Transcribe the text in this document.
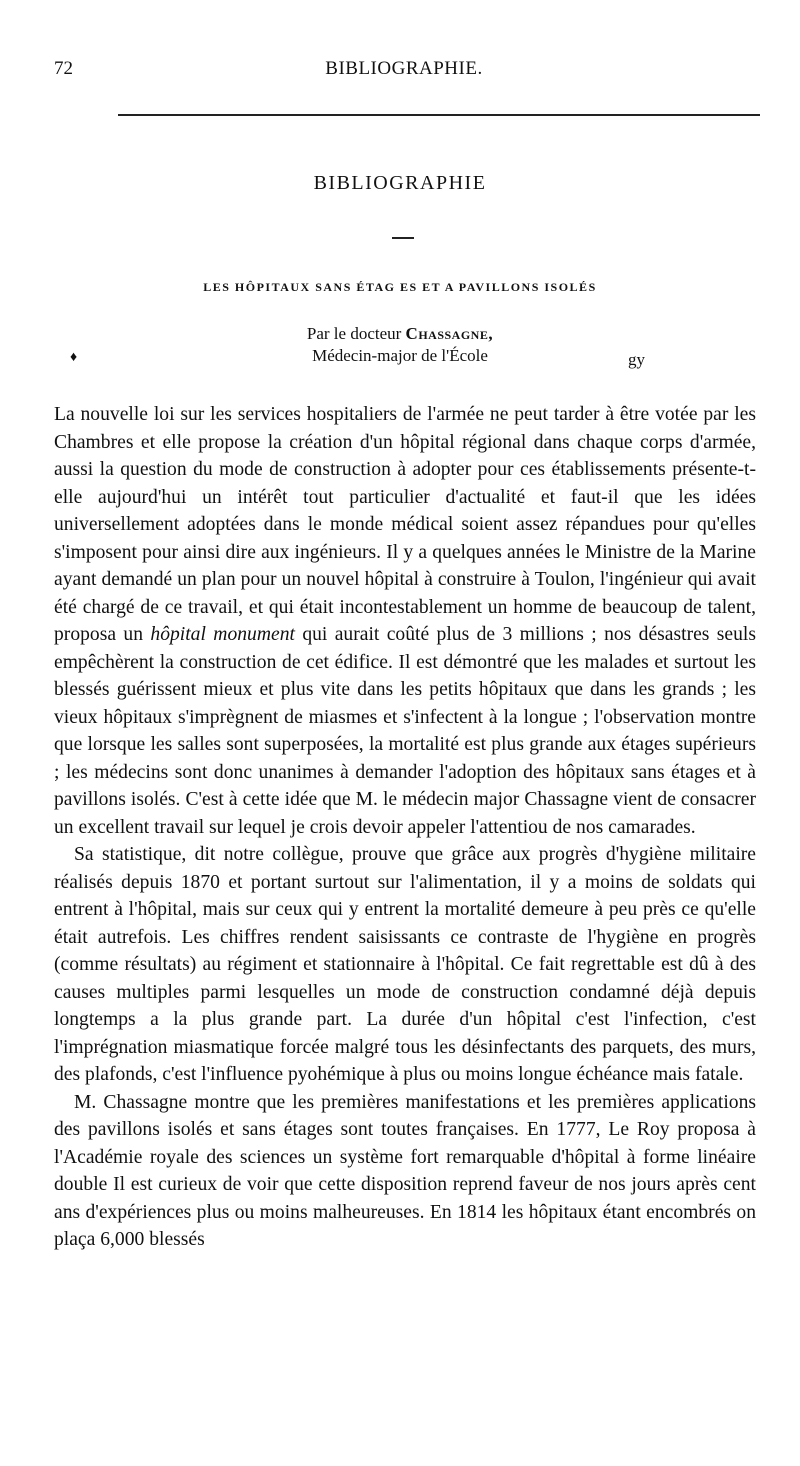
72	BIBLIOGRAPHIE.
BIBLIOGRAPHIE
LES HÔPITAUX SANS ÉTAG ES ET A PAVILLONS ISOLÉS
Par le docteur Chassagne,
Médecin-major de l'École
♦	gy

La nouvelle loi sur les services hospitaliers de l'armée ne peut tarder à être votée par les Chambres et elle propose la création d'un hôpital régional dans chaque corps d'armée, aussi la question du mode de construction à adopter pour ces établissements présente-t-elle aujourd'hui un intérêt tout particulier d'actualité et faut-il que les idées universellement adoptées dans le monde médical soient assez répandues pour qu'elles s'imposent pour ainsi dire aux ingénieurs. Il y a quelques années le Ministre de la Marine ayant demandé un plan pour un nouvel hôpital à construire à Toulon, l'ingénieur qui avait été chargé de ce travail, et qui était incontestablement un homme de beaucoup de talent, proposa un hôpital monument qui aurait coûté plus de 3 millions ; nos désastres seuls empêchèrent la construction de cet édifice. Il est démontré que les malades et surtout les blessés guérissent mieux et plus vite dans les petits hôpitaux que dans les grands ; les vieux hôpitaux s'imprègnent de miasmes et s'infectent à la longue ; l'observation montre que lorsque les salles sont superposées, la mortalité est plus grande aux étages supérieurs ; les médecins sont donc unanimes à demander l'adoption des hôpitaux sans étages et à pavillons isolés. C'est à cette idée que M. le médecin major Chassagne vient de consacrer un excellent travail sur lequel je crois devoir appeler l'attentiou de nos camarades.

Sa statistique, dit notre collègue, prouve que grâce aux progrès d'hygiène militaire réalisés depuis 1870 et portant surtout sur l'alimentation, il y a moins de soldats qui entrent à l'hôpital, mais sur ceux qui y entrent la mortalité demeure à peu près ce qu'elle était autrefois. Les chiffres rendent saisissants ce contraste de l'hygiène en progrès (comme résultats) au régiment et stationnaire à l'hôpital. Ce fait regrettable est dû à des causes multiples parmi lesquelles un mode de construction condamné déjà depuis longtemps a la plus grande part. La durée d'un hôpital c'est l'infection, c'est l'imprégnation miasmatique forcée malgré tous les désinfectants des parquets, des murs, des plafonds, c'est l'influence pyohémique à plus ou moins longue échéance mais fatale.

M. Chassagne montre que les premières manifestations et les premières applications des pavillons isolés et sans étages sont toutes françaises. En 1777, Le Roy proposa à l'Académie royale des sciences un système fort remarquable d'hôpital à forme linéaire double Il est curieux de voir que cette disposition reprend faveur de nos jours après cent ans d'expériences plus ou moins malheureuses. En 1814 les hôpitaux étant encombrés on plaça 6,000 blessés
